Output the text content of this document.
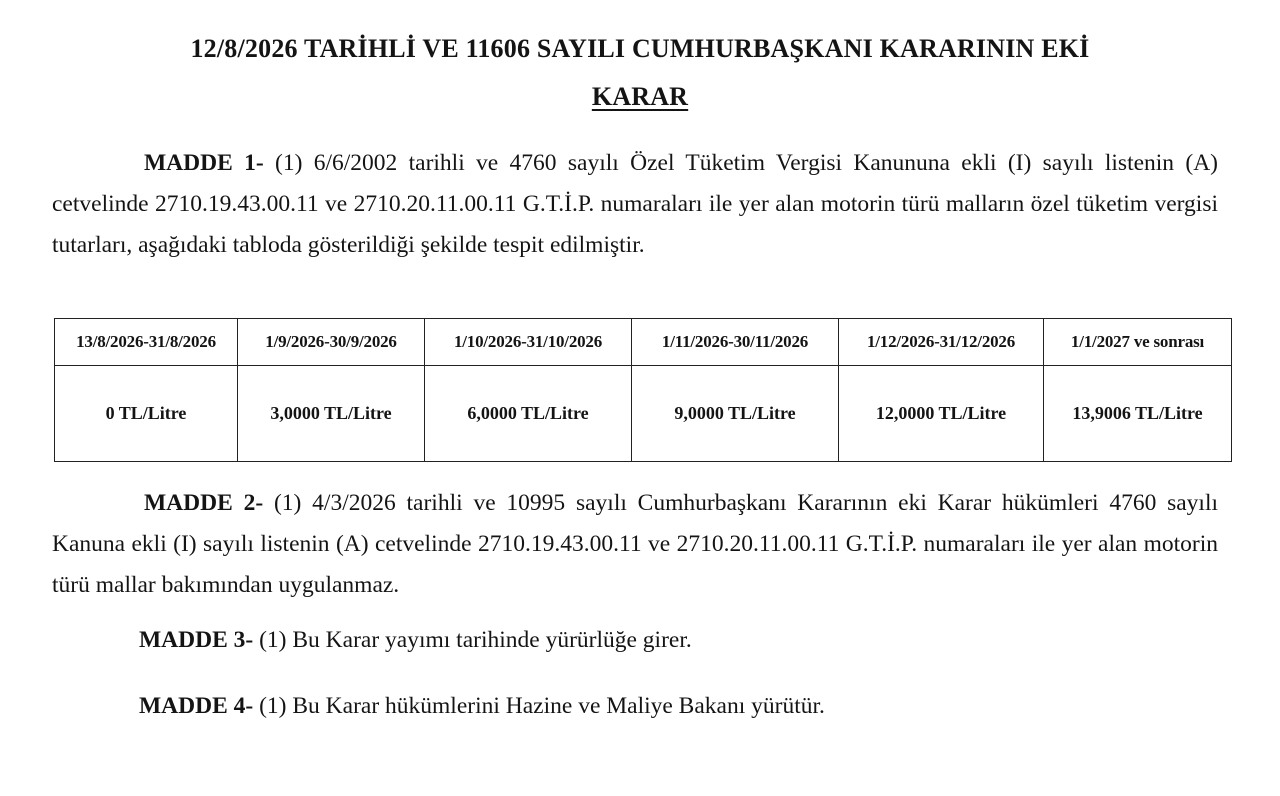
12/8/2026 TARİHLİ VE 11606 SAYILI CUMHURBAŞKANI KARARININ EKİ
KARAR

MADDE 1- (1) 6/6/2002 tarihli ve 4760 sayılı Özel Tüketim Vergisi Kanununa ekli (I) sayılı listenin (A) cetvelinde 2710.19.43.00.11 ve 2710.20.11.00.11 G.T.İ.P. numaraları ile yer alan motorin türü malların özel tüketim vergisi tutarları, aşağıdaki tabloda gösterildiği şekilde tespit edilmiştir.

13/8/2026-31/8/2026	1/9/2026-30/9/2026	1/10/2026-31/10/2026	1/11/2026-30/11/2026	1/12/2026-31/12/2026	1/1/2027 ve sonrası
0 TL/Litre	3,0000 TL/Litre	6,0000 TL/Litre	9,0000 TL/Litre	12,0000 TL/Litre	13,9006 TL/Litre

MADDE 2- (1) 4/3/2026 tarihli ve 10995 sayılı Cumhurbaşkanı Kararının eki Karar hükümleri 4760 sayılı Kanuna ekli (I) sayılı listenin (A) cetvelinde 2710.19.43.00.11 ve 2710.20.11.00.11 G.T.İ.P. numaraları ile yer alan motorin türü mallar bakımından uygulanmaz.

MADDE 3- (1) Bu Karar yayımı tarihinde yürürlüğe girer.

MADDE 4- (1) Bu Karar hükümlerini Hazine ve Maliye Bakanı yürütür.
